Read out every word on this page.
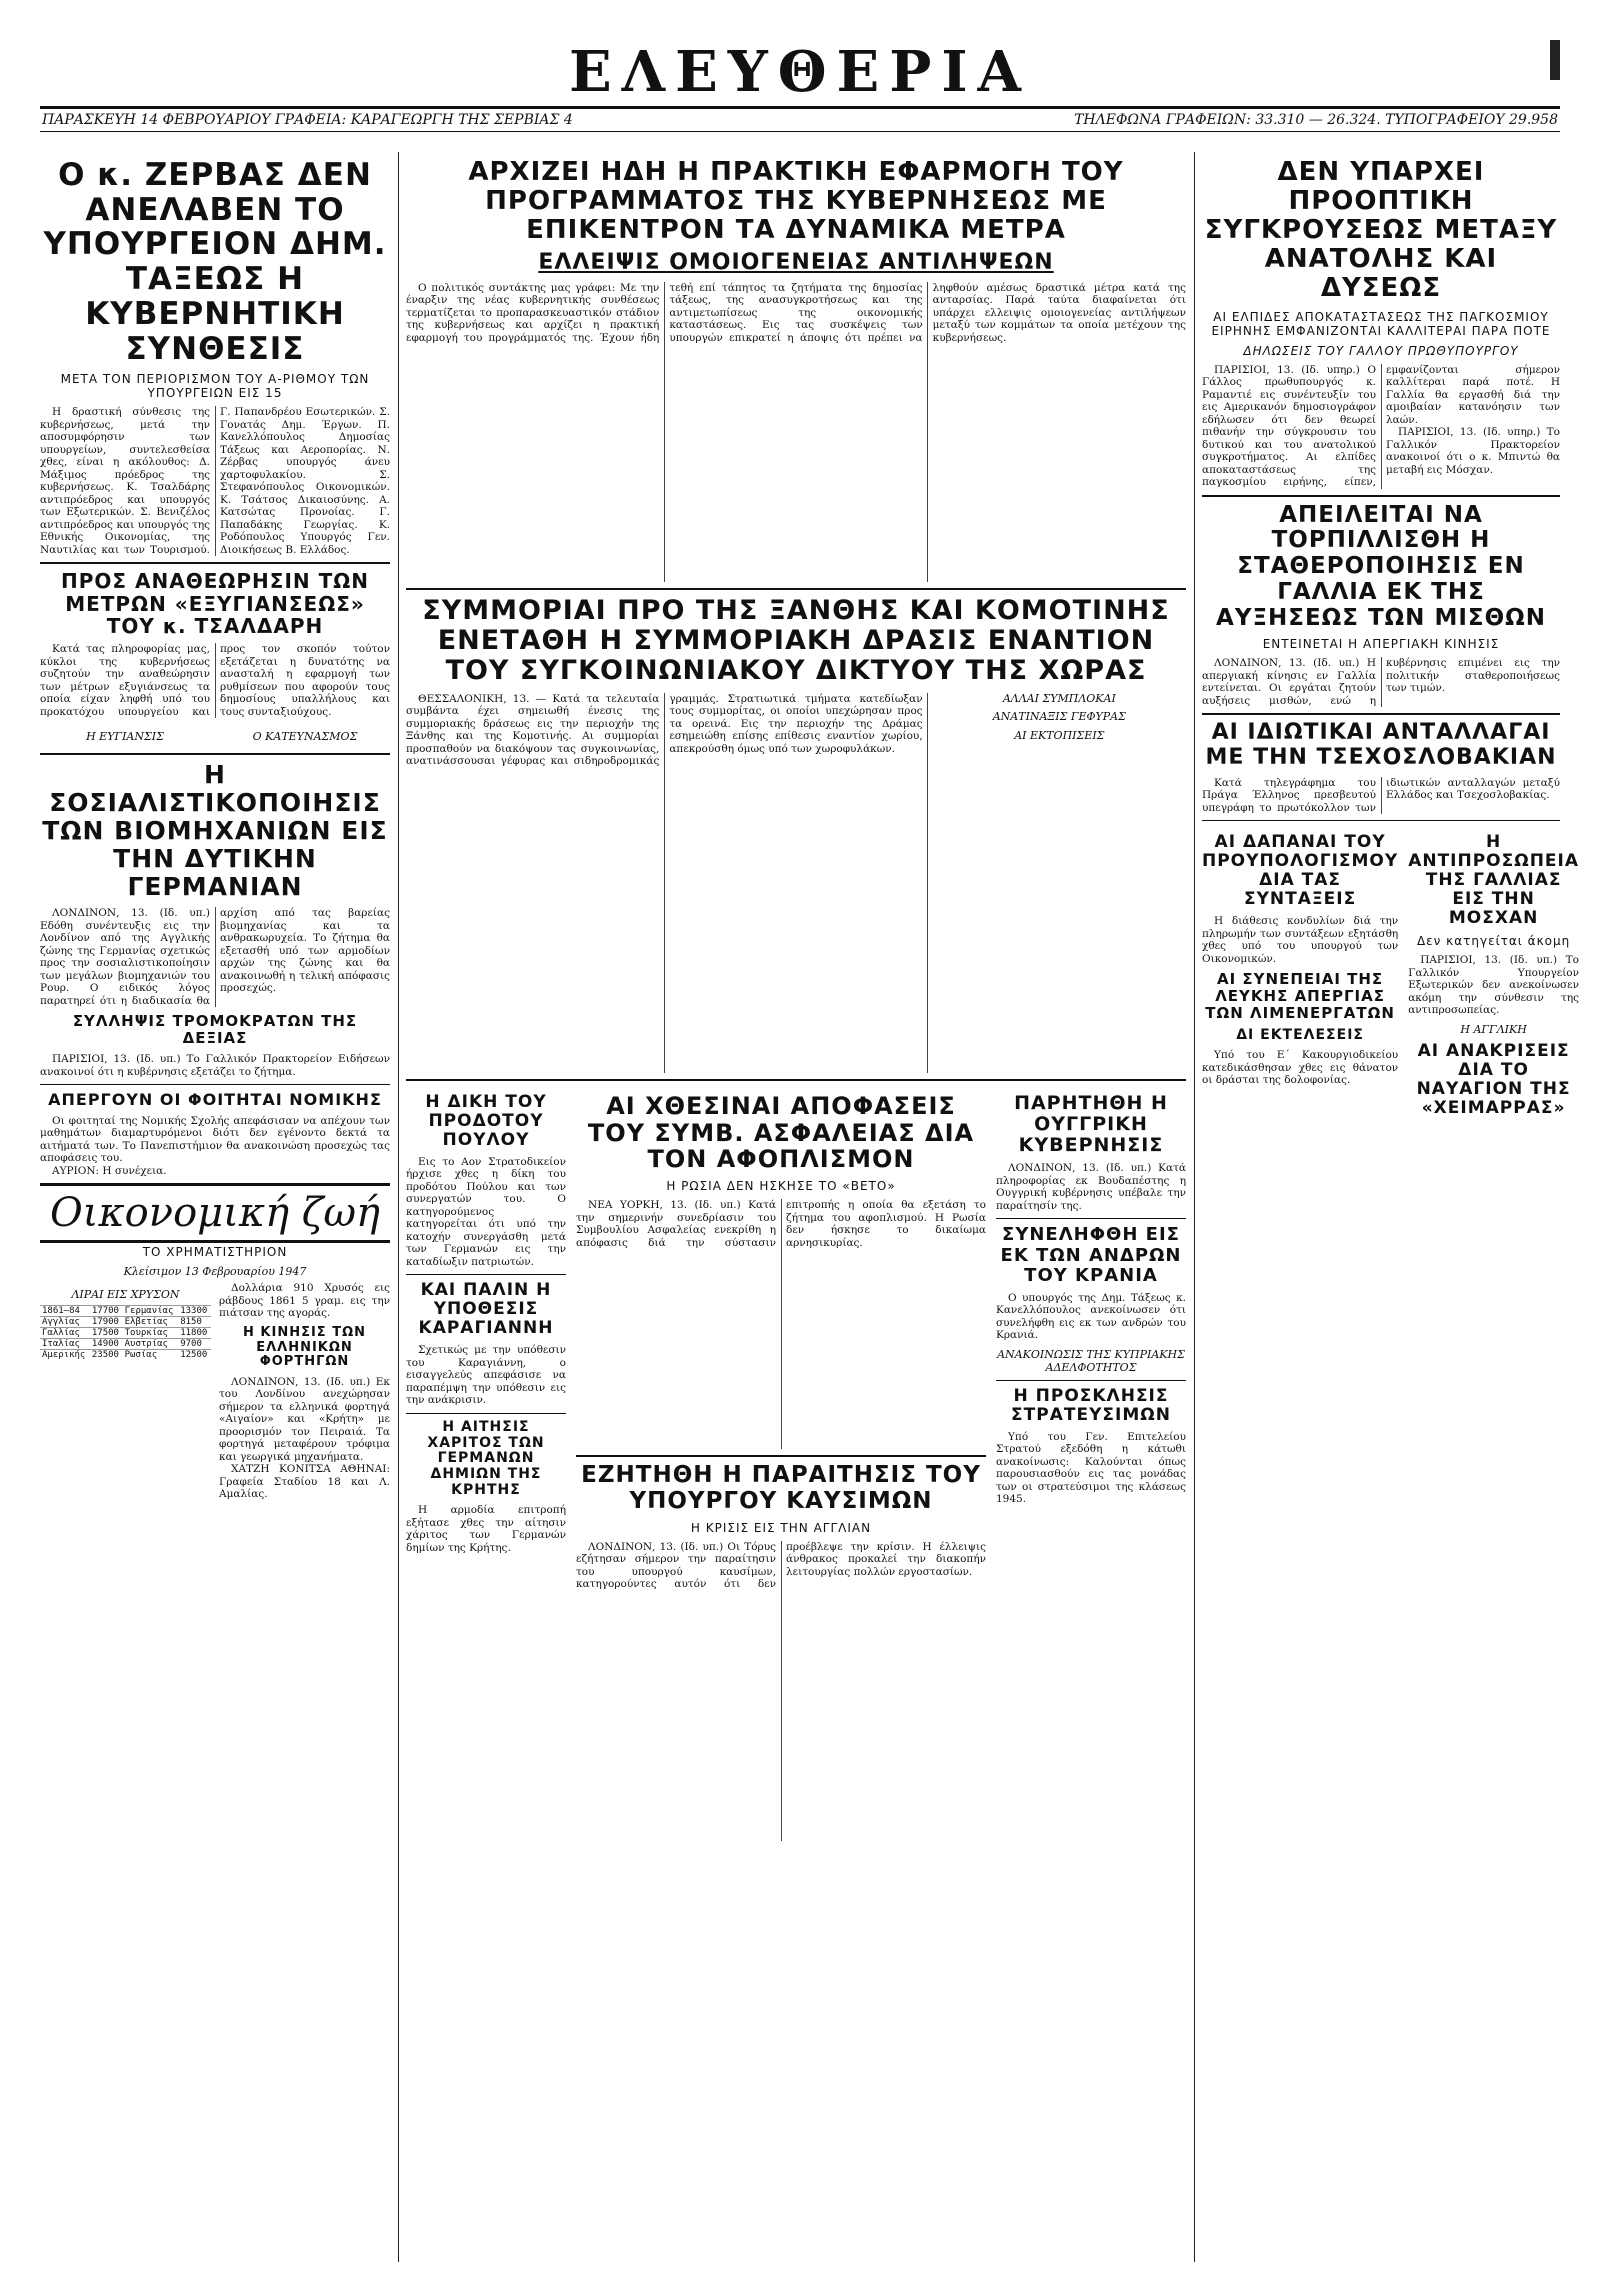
ΕΛΕΥΘΕΡΙΑ
ΠΑΡΑΣΚΕΥΗ 14 ΦΕΒΡΟΥΑΡΙΟΥ ΓΡΑΦΕΙΑ: ΚΑΡΑΓΕΩΡΓΗ ΤΗΣ ΣΕΡΒΙΑΣ 4	ΤΗΛΕΦΩΝΑ ΓΡΑΦΕΙΩΝ: 33.310 — 26.324. ΤΥΠΟΓΡΑΦΕΙΟΥ 29.958
Ο κ. ΖΕΡΒΑΣ ΔΕΝ ΑΝΕΛΑΒΕΝ ΤΟ ΥΠΟΥΡΓΕΙΟΝ ΔΗΜ. ΤΑΞΕΩΣ Η ΚΥΒΕΡΝΗΤΙΚΗ ΣΥΝΘΕΣΙΣ
ΜΕΤΑ ΤΟΝ ΠΕΡΙΟΡΙΣΜΟΝ ΤΟΥ Α-ΡΙΘΜΟΥ ΤΩΝ ΥΠΟΥΡΓΕΙΩΝ ΕΙΣ 15

Η δραστική σύνθεσις της κυβερνήσεως, μετά την αποσυμφόρησιν των υπουργείων, συντελεσθείσα χθες, είναι η ακόλουθος: Δ. Μάξιμος πρόεδρος της κυβερνήσεως. Κ. Τσαλδάρης αντιπρόεδρος και υπουργός των Εξωτερικών. Σ. Βενιζέλος αντιπρόεδρος και υπουργός της Εθνικής Οικονομίας, της Ναυτιλίας και των Τουρισμού. Γ. Παπανδρέου Εσωτερικών. Σ. Γονατάς Δημ. Έργων. Π. Κανελλόπουλος Δημοσίας Τάξεως και Αεροπορίας. Ν. Ζέρβας υπουργός άνευ χαρτοφυλακίου. Σ. Στεφανόπουλος Οικονομικών. Κ. Τσάτσος Δικαιοσύνης. Α. Κατσώτας Προνοίας. Γ. Παπαδάκης Γεωργίας. Κ. Ροδόπουλος Υπουργός Γεν. Διοικήσεως Β. Ελλάδος.

ΠΡΟΣ ΑΝΑΘΕΩΡΗΣΙΝ ΤΩΝ ΜΕΤΡΩΝ «ΕΞΥΓΙΑΝΣΕΩΣ» ΤΟΥ κ. ΤΣΑΛΔΑΡΗ

Κατά τας πληροφορίας μας, κύκλοι της κυβερνήσεως συζητούν την αναθεώρησιν των μέτρων εξυγιάνσεως τα οποία είχαν ληφθή υπό του προκατόχου υπουργείου και προς τον σκοπόν τούτον εξετάζεται η δυνατότης να ανασταλή η εφαρμογή των ρυθμίσεων που αφορούν τους δημοσίους υπαλλήλους και τους συνταξιούχους.

Η ΕΥΓΙΑΝΣΙΣ	Ο ΚΑΤΕΥΝΑΣΜΟΣ
Η ΣΟΣΙΑΛΙΣΤΙΚΟΠΟΙΗΣΙΣ ΤΩΝ ΒΙΟΜΗΧΑΝΙΩΝ ΕΙΣ ΤΗΝ ΔΥΤΙΚΗΝ ΓΕΡΜΑΝΙΑΝ

ΛΟΝΔΙΝΟΝ, 13. (Ιδ. υπ.) Εδόθη συνέντευξις εις την Λονδίνον από της Αγγλικής ζώνης της Γερμανίας σχετικώς προς την σοσιαλιστικοποίησιν των μεγάλων βιομηχανιών του Ρουρ. Ο ειδικός λόγος παρατηρεί ότι η διαδικασία θα αρχίση από τας βαρείας βιομηχανίας και τα ανθρακωρυχεία. Το ζήτημα θα εξετασθή υπό των αρμοδίων αρχών της ζώνης και θα ανακοινωθή η τελική απόφασις προσεχώς.

ΣΥΛΛΗΨΙΣ ΤΡΟΜΟΚΡΑΤΩΝ ΤΗΣ ΔΕΞΙΑΣ

ΠΑΡΙΣΙΟΙ, 13. (Ιδ. υπ.) Το Γαλλικόν Πρακτορείον Ειδήσεων ανακοινοί ότι η κυβέρνησις εξετάζει το ζήτημα.

ΑΠΕΡΓΟΥΝ ΟΙ ΦΟΙΤΗΤΑΙ ΝΟΜΙΚΗΣ

Οι φοιτηταί της Νομικής Σχολής απεφάσισαν να απέχουν των μαθημάτων διαμαρτυρόμενοι διότι δεν εγένοντο δεκτά τα αιτήματά των. Το Πανεπιστήμιον θα ανακοινώση προσεχώς τας αποφάσεις του.

ΑΥΡΙΟΝ: Η συνέχεια.

Οικονομική ζωή
ΤΟ ΧΡΗΜΑΤΙΣΤΗΡΙΟΝ
Κλείσιμον 13 Φεβρουαρίου 1947
ΛΙΡΑΙ ΕΙΣ ΧΡΥΣΟΝ
1861–84	17700	Γερμανίας	13300
Αγγλίας	17900	Ελβετίας	8150
Γαλλίας	17500	Τουρκίας	11800
Ιταλίας	14900	Αυστρίας	9700
Αμερικής	23500	Ρωσίας	12500

Δολλάρια 910 Χρυσός εις ράβδους 1861 5 γραμ. εις την πιάτσαν της αγοράς.

Η ΚΙΝΗΣΙΣ ΤΩΝ ΕΛΛΗΝΙΚΩΝ ΦΟΡΤΗΓΩΝ

ΛΟΝΔΙΝΟΝ, 13. (Ιδ. υπ.) Εκ του Λονδίνου ανεχώρησαν σήμερον τα ελληνικά φορτηγά «Αιγαίον» και «Κρήτη» με προορισμόν τον Πειραιά. Τα φορτηγά μεταφέρουν τρόφιμα και γεωργικά μηχανήματα.

ΧΑΤΖΗ ΚΟΝΙΤΣΑ ΑΘΗΝΑΙ: Γραφεία Σταδίου 18 και Λ. Αμαλίας.

ΑΡΧΙΖΕΙ ΗΔΗ Η ΠΡΑΚΤΙΚΗ ΕΦΑΡΜΟΓΗ ΤΟΥ ΠΡΟΓΡΑΜΜΑΤΟΣ ΤΗΣ ΚΥΒΕΡΝΗΣΕΩΣ ΜΕ ΕΠΙΚΕΝΤΡΟΝ ΤΑ ΔΥΝΑΜΙΚΑ ΜΕΤΡΑ
ΕΛΛΕΙΨΙΣ ΟΜΟΙΟΓΕΝΕΙΑΣ ΑΝΤΙΛΗΨΕΩΝ

Ο πολιτικός συντάκτης μας γράφει: Με την έναρξιν της νέας κυβερνητικής συνθέσεως τερματίζεται το προπαρασκευαστικόν στάδιον της κυβερνήσεως και αρχίζει η πρακτική εφαρμογή του προγράμματός της. Έχουν ήδη τεθή επί τάπητος τα ζητήματα της δημοσίας τάξεως, της ανασυγκροτήσεως και της αντιμετωπίσεως της οικονομικής καταστάσεως. Εις τας συσκέψεις των υπουργών επικρατεί η άποψις ότι πρέπει να ληφθούν αμέσως δραστικά μέτρα κατά της ανταρσίας. Παρά ταύτα διαφαίνεται ότι υπάρχει ελλειψις ομοιογενείας αντιλήψεων μεταξύ των κομμάτων τα οποία μετέχουν της κυβερνήσεως.

ΣΥΜΜΟΡΙΑΙ ΠΡΟ ΤΗΣ ΞΑΝΘΗΣ ΚΑΙ ΚΟΜΟΤΙΝΗΣ ΕΝΕΤΑΘΗ Η ΣΥΜΜΟΡΙΑΚΗ ΔΡΑΣΙΣ ΕΝΑΝΤΙΟΝ ΤΟΥ ΣΥΓΚΟΙΝΩΝΙΑΚΟΥ ΔΙΚΤΥΟΥ ΤΗΣ ΧΩΡΑΣ

ΘΕΣΣΑΛΟΝΙΚΗ, 13. — Κατά τα τελευταία συμβάντα έχει σημειωθή ένεσις της συμμοριακής δράσεως εις την περιοχήν της Ξάνθης και της Κομοτινής. Αι συμμορίαι προσπαθούν να διακόψουν τας συγκοινωνίας, ανατινάσσουσαι γέφυρας και σιδηροδρομικάς γραμμάς. Στρατιωτικά τμήματα κατεδίωξαν τους συμμορίτας, οι οποίοι υπεχώρησαν προς τα ορεινά. Εις την περιοχήν της Δράμας εσημειώθη επίσης επίθεσις εναντίον χωρίου, απεκρούσθη όμως υπό των χωροφυλάκων.

ΑΛΛΑΙ ΣΥΜΠΛΟΚΑΙ
ΑΝΑΤΙΝΑΞΙΣ ΓΕΦΥΡΑΣ
ΑΙ ΕΚΤΟΠΙΣΕΙΣ
Η ΔΙΚΗ ΤΟΥ ΠΡΟΔΟΤΟΥ ΠΟΥΛΟΥ

Εις το Αον Στρατοδικείον ήρχισε χθες η δίκη του προδότου Πούλου και των συνεργατών του. Ο κατηγορούμενος κατηγορείται ότι υπό την κατοχήν συνεργάσθη μετά των Γερμανών εις την καταδίωξιν πατριωτών.

ΚΑΙ ΠΑΛΙΝ Η ΥΠΟΘΕΣΙΣ ΚΑΡΑΓΙΑΝΝΗ

Σχετικώς με την υπόθεσιν του Καραγιάννη, ο εισαγγελεύς απεφάσισε να παραπέμψη την υπόθεσιν εις την ανάκρισιν.

Η ΑΙΤΗΣΙΣ ΧΑΡΙΤΟΣ ΤΩΝ ΓΕΡΜΑΝΩΝ ΔΗΜΙΩΝ ΤΗΣ ΚΡΗΤΗΣ

Η αρμοδία επιτροπή εξήτασε χθες την αίτησιν χάριτος των Γερμανών δημίων της Κρήτης.

ΑΙ ΧΘΕΣΙΝΑΙ ΑΠΟΦΑΣΕΙΣ ΤΟΥ ΣΥΜΒ. ΑΣΦΑΛΕΙΑΣ ΔΙΑ ΤΟΝ ΑΦΟΠΛΙΣΜΟΝ
Η ΡΩΣΙΑ ΔΕΝ ΗΣΚΗΣΕ ΤΟ «ΒΕΤΟ»

ΝΕΑ ΥΟΡΚΗ, 13. (Ιδ. υπ.) Κατά την σημερινήν συνεδρίασιν του Συμβουλίου Ασφαλείας ενεκρίθη η απόφασις διά την σύστασιν επιτροπής η οποία θα εξετάση το ζήτημα του αφοπλισμού. Η Ρωσία δεν ήσκησε το δικαίωμα αρνησικυρίας.

ΕΖΗΤΗΘΗ Η ΠΑΡΑΙΤΗΣΙΣ ΤΟΥ ΥΠΟΥΡΓΟΥ ΚΑΥΣΙΜΩΝ
Η ΚΡΙΣΙΣ ΕΙΣ ΤΗΝ ΑΓΓΛΙΑΝ

ΛΟΝΔΙΝΟΝ, 13. (Ιδ. υπ.) Οι Τόρυς εζήτησαν σήμερον την παραίτησιν του υπουργού καυσίμων, κατηγορούντες αυτόν ότι δεν προέβλεψε την κρίσιν. Η έλλειψις άνθρακος προκαλεί την διακοπήν λειτουργίας πολλών εργοστασίων.

ΠΑΡΗΤΗΘΗ Η ΟΥΓΓΡΙΚΗ ΚΥΒΕΡΝΗΣΙΣ

ΛΟΝΔΙΝΟΝ, 13. (Ιδ. υπ.) Κατά πληροφορίας εκ Βουδαπέστης η Ουγγρική κυβέρνησις υπέβαλε την παραίτησίν της.

ΣΥΝΕΛΗΦΘΗ ΕΙΣ ΕΚ ΤΩΝ ΑΝΔΡΩΝ ΤΟΥ ΚΡΑΝΙΑ

Ο υπουργός της Δημ. Τάξεως κ. Κανελλόπουλος ανεκοίνωσεν ότι συνελήφθη εις εκ των ανδρών του Κρανιά.

ΑΝΑΚΟΙΝΩΣΙΣ ΤΗΣ ΚΥΠΡΙΑΚΗΣ ΑΔΕΛΦΟΤΗΤΟΣ
Η ΠΡΟΣΚΛΗΣΙΣ ΣΤΡΑΤΕΥΣΙΜΩΝ

Υπό του Γεν. Επιτελείου Στρατού εξεδόθη η κάτωθι ανακοίνωσις: Καλούνται όπως παρουσιασθούν εις τας μονάδας των οι στρατεύσιμοι της κλάσεως 1945.

ΔΕΝ ΥΠΑΡΧΕΙ ΠΡΟΟΠΤΙΚΗ ΣΥΓΚΡΟΥΣΕΩΣ ΜΕΤΑΞΥ ΑΝΑΤΟΛΗΣ ΚΑΙ ΔΥΣΕΩΣ
ΑΙ ΕΛΠΙΔΕΣ ΑΠΟΚΑΤΑΣΤΑΣΕΩΣ ΤΗΣ ΠΑΓΚΟΣΜΙΟΥ ΕΙΡΗΝΗΣ ΕΜΦΑΝΙΖΟΝΤΑΙ ΚΑΛΛΙΤΕΡΑΙ ΠΑΡΑ ΠΟΤΕ
ΔΗΛΩΣΕΙΣ ΤΟΥ ΓΑΛΛΟΥ ΠΡΩΘΥΠΟΥΡΓΟΥ

ΠΑΡΙΣΙΟΙ, 13. (Ιδ. υπηρ.) Ο Γάλλος πρωθυπουργός κ. Ραμαντιέ εις συνέντευξίν του εις Αμερικανόν δημοσιογράφον εδήλωσεν ότι δεν θεωρεί πιθανήν την σύγκρουσιν του δυτικού και του ανατολικού συγκροτήματος. Αι ελπίδες αποκαταστάσεως της παγκοσμίου ειρήνης, είπεν, εμφανίζονται σήμερον καλλίτεραι παρά ποτέ. Η Γαλλία θα εργασθή διά την αμοιβαίαν κατανόησιν των λαών.

ΠΑΡΙΣΙΟΙ, 13. (Ιδ. υπηρ.) Το Γαλλικόν Πρακτορείον ανακοινοί ότι ο κ. Μπιντώ θα μεταβή εις Μόσχαν.

ΑΠΕΙΛΕΙΤΑΙ ΝΑ ΤΟΡΠΙΛΛΙΣΘΗ Η ΣΤΑΘΕΡΟΠΟΙΗΣΙΣ ΕΝ ΓΑΛΛΙΑ ΕΚ ΤΗΣ ΑΥΞΗΣΕΩΣ ΤΩΝ ΜΙΣΘΩΝ
ΕΝΤΕΙΝΕΤΑΙ Η ΑΠΕΡΓΙΑΚΗ ΚΙΝΗΣΙΣ

ΛΟΝΔΙΝΟΝ, 13. (Ιδ. υπ.) Η απεργιακή κίνησις εν Γαλλία εντείνεται. Οι εργάται ζητούν αυξήσεις μισθών, ενώ η κυβέρνησις επιμένει εις την πολιτικήν σταθεροποιήσεως των τιμών.

ΑΙ ΙΔΙΩΤΙΚΑΙ ΑΝΤΑΛΛΑΓΑΙ ΜΕ ΤΗΝ ΤΣΕΧΟΣΛΟΒΑΚΙΑΝ

Κατά τηλεγράφημα του Πράγα Έλληνος πρεσβευτού υπεγράφη το πρωτόκολλον των ιδιωτικών ανταλλαγών μεταξύ Ελλάδος και Τσεχοσλοβακίας.

ΑΙ ΔΑΠΑΝΑΙ ΤΟΥ ΠΡΟΥΠΟΛΟΓΙΣΜΟΥ ΔΙΑ ΤΑΣ ΣΥΝΤΑΞΕΙΣ

Η διάθεσις κονδυλίων διά την πληρωμήν των συντάξεων εξητάσθη χθες υπό του υπουργού των Οικονομικών.

ΑΙ ΣΥΝΕΠΕΙΑΙ ΤΗΣ ΛΕΥΚΗΣ ΑΠΕΡΓΙΑΣ ΤΩΝ ΛΙΜΕΝΕΡΓΑΤΩΝ
ΔΙ ΕΚΤΕΛΕΣΕΙΣ

Υπό του Ε΄ Κακουργιοδικείου κατεδικάσθησαν χθες εις θάνατον οι δράσται της δολοφονίας.

Η ΑΝΤΙΠΡΟΣΩΠΕΙΑ ΤΗΣ ΓΑΛΛΙΑΣ ΕΙΣ ΤΗΝ ΜΟΣΧΑΝ
Δεν κατηγείται άκομη

ΠΑΡΙΣΙΟΙ, 13. (Ιδ. υπ.) Το Γαλλικόν Υπουργείον Εξωτερικών δεν ανεκοίνωσεν ακόμη την σύνθεσιν της αντιπροσωπείας.

Η ΑΓΓΛΙΚΗ
ΑΙ ΑΝΑΚΡΙΣΕΙΣ ΔΙΑ ΤΟ ΝΑΥΑΓΙΟΝ ΤΗΣ «ΧΕΙΜΑΡΡΑΣ»
